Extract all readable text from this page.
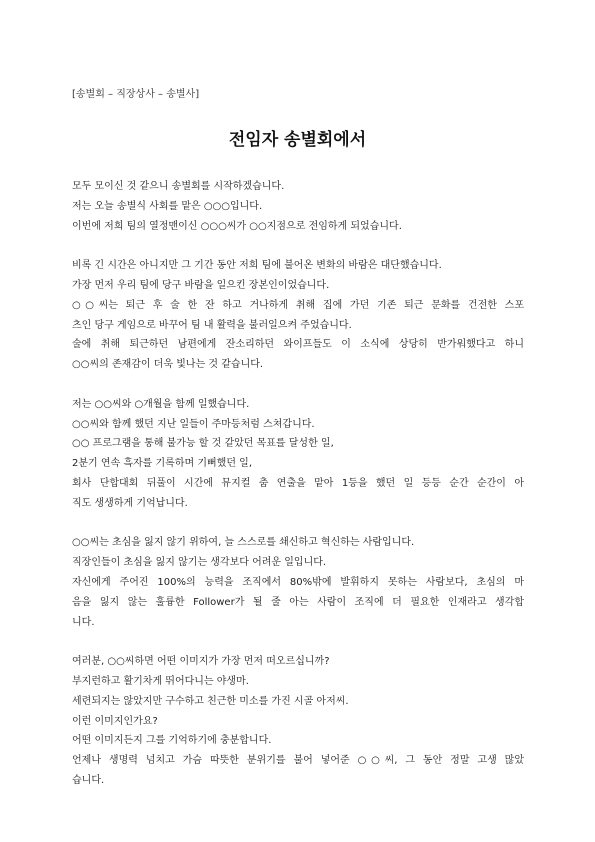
[송별회 – 직장상사 – 송별사]
전임자 송별회에서
모두 모이신 것 같으니 송별회를 시작하겠습니다.
저는 오늘 송별식 사회를 맡은 ○○○입니다.
이번에 저희 팀의 열정맨이신 ○○○씨가 ○○지점으로 전임하게 되었습니다.
비록 긴 시간은 아니지만 그 기간 동안 저희 팀에 불어온 변화의 바람은 대단했습니다.
가장 먼저 우리 팀에 당구 바람을 일으킨 장본인이었습니다.
○○씨는 퇴근 후 술 한 잔 하고 거나하게 취해 집에 가던 기존 퇴근 문화를 건전한 스포
츠인 당구 게임으로 바꾸어 팀 내 활력을 불러일으켜 주었습니다.
술에 취해 퇴근하던 남편에게 잔소리하던 와이프들도 이 소식에 상당히 반가워했다고 하니
○○씨의 존재감이 더욱 빛나는 것 같습니다.
저는 ○○씨와 ○개월을 함께 일했습니다.
○○씨와 함께 했던 지난 일들이 주마등처럼 스쳐갑니다.
○○ 프로그램을 통해 불가능 할 것 같았던 목표를 달성한 일,
2분기 연속 흑자를 기록하며 기뻐했던 일,
회사 단합대회 뒤풀이 시간에 뮤지컬 춤 연출을 맡아 1등을 했던 일 등등 순간 순간이 아
직도 생생하게 기억납니다.
○○씨는 초심을 잃지 않기 위하여, 늘 스스로를 쇄신하고 혁신하는 사람입니다.
직장인들이 초심을 잃지 않기는 생각보다 어려운 일입니다.
자신에게 주어진 100%의 능력을 조직에서 80%밖에 발휘하지 못하는 사람보다, 초심의 마
음을 잃지 않는 훌륭한 Follower가 될 줄 아는 사람이 조직에 더 필요한 인재라고 생각합
니다.
여러분, ○○씨하면 어떤 이미지가 가장 먼저 떠오르십니까?
부지런하고 활기차게 뛰어다니는 야생마.
세련되지는 않았지만 구수하고 친근한 미소를 가진 시골 아저씨.
이런 이미지인가요?
어떤 이미지든지 그를 기억하기에 충분합니다.
언제나 생명력 넘치고 가슴 따뜻한 분위기를 불어 넣어준 ○○씨, 그 동안 정말 고생 많았
습니다.
